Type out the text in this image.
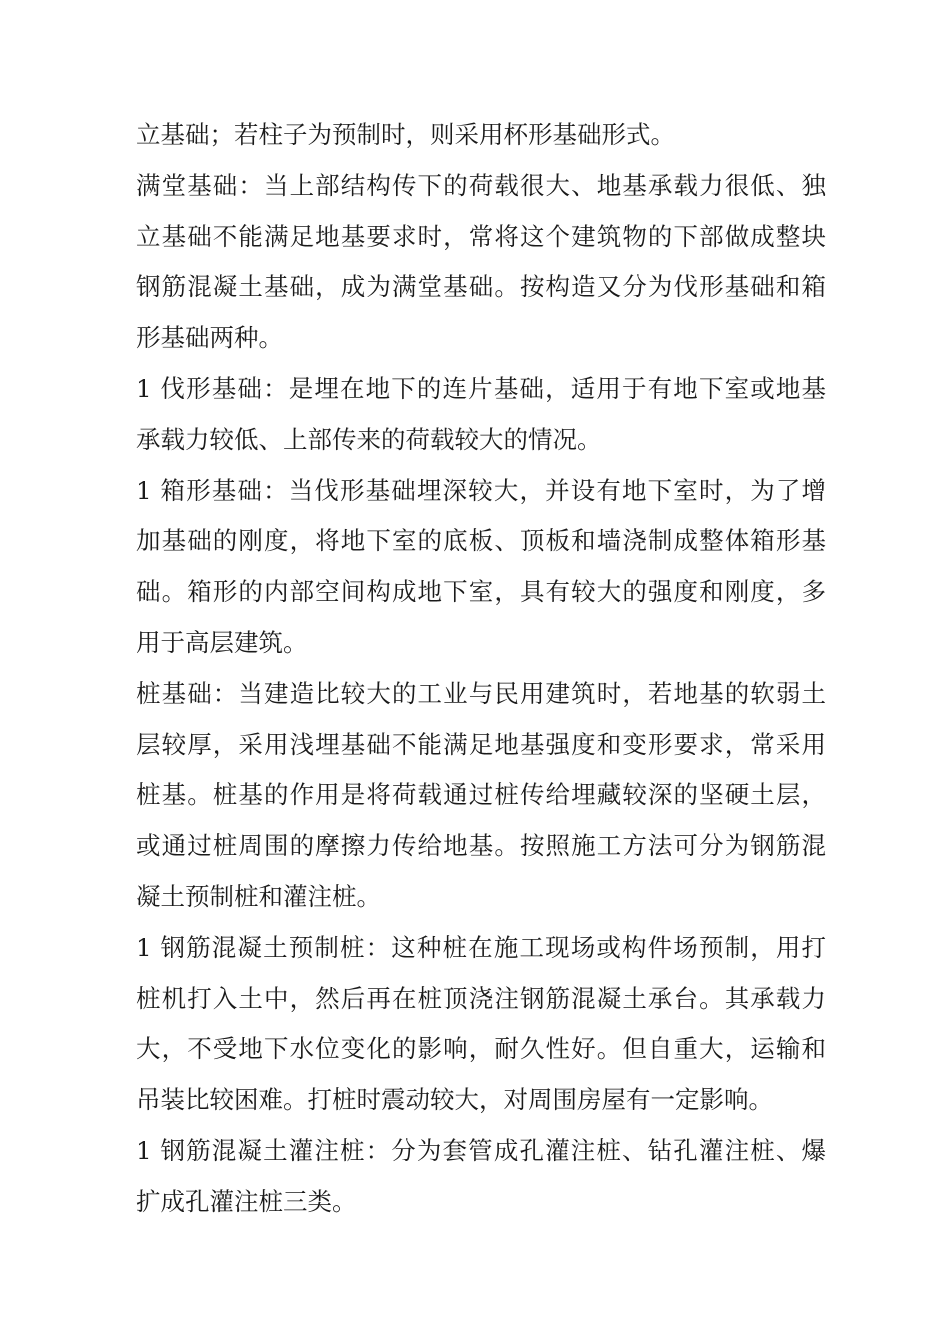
立基础；若柱子为预制时，则采用杯形基础形式。
满堂基础：当上部结构传下的荷载很大、地基承载力很低、独
立基础不能满足地基要求时，常将这个建筑物的下部做成整块
钢筋混凝土基础，成为满堂基础。按构造又分为伐形基础和箱
形基础两种。
1 伐形基础：是埋在地下的连片基础，适用于有地下室或地基
承载力较低、上部传来的荷载较大的情况。
1 箱形基础：当伐形基础埋深较大，并设有地下室时，为了增
加基础的刚度，将地下室的底板、顶板和墙浇制成整体箱形基
础。箱形的内部空间构成地下室，具有较大的强度和刚度，多
用于高层建筑。
桩基础：当建造比较大的工业与民用建筑时，若地基的软弱土
层较厚，采用浅埋基础不能满足地基强度和变形要求，常采用
桩基。桩基的作用是将荷载通过桩传给埋藏较深的坚硬土层，
或通过桩周围的摩擦力传给地基。按照施工方法可分为钢筋混
凝土预制桩和灌注桩。
1 钢筋混凝土预制桩：这种桩在施工现场或构件场预制，用打
桩机打入土中，然后再在桩顶浇注钢筋混凝土承台。其承载力
大，不受地下水位变化的影响，耐久性好。但自重大，运输和
吊装比较困难。打桩时震动较大，对周围房屋有一定影响。
1 钢筋混凝土灌注桩：分为套管成孔灌注桩、钻孔灌注桩、爆
扩成孔灌注桩三类。
